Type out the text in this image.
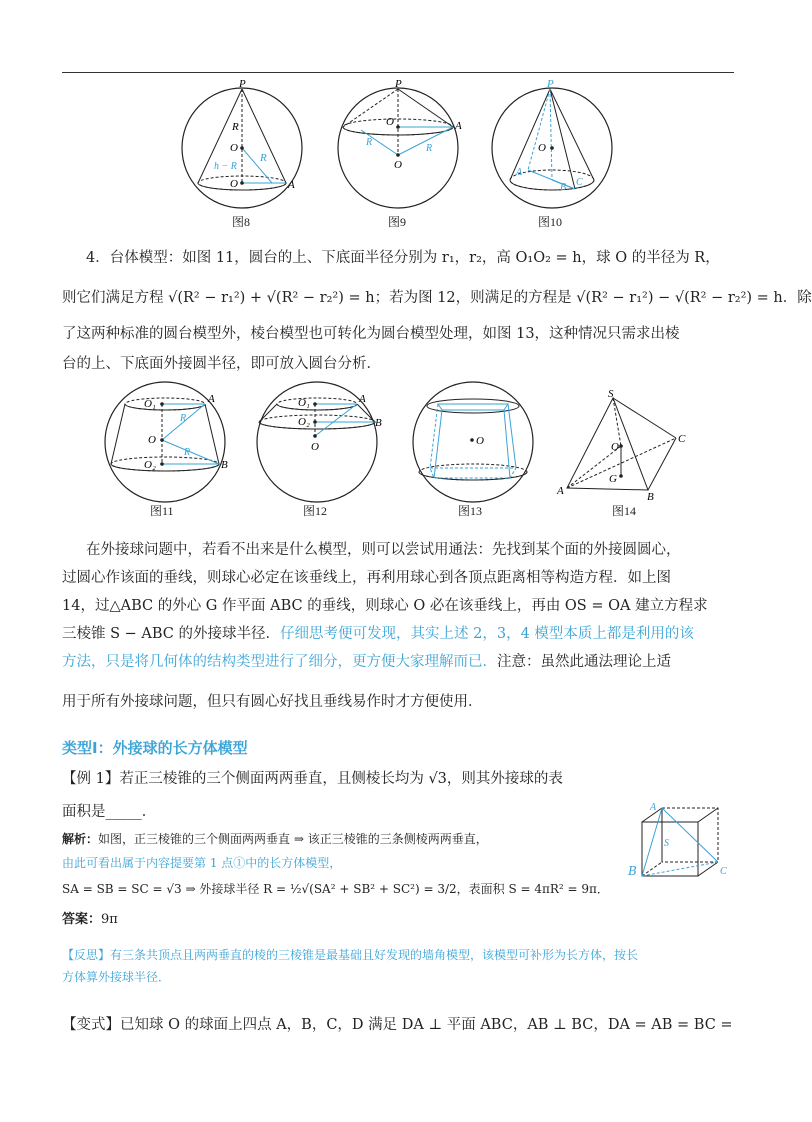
P
R
O
h − R
R
O	A
图8
P
O	A
R
R
O
图9
P
O
A
B C
图10
4．台体模型：如图 11，圆台的上、下底面半径分别为 r₁，r₂，高 O₁O₂ = h，球 O 的半径为 R，
则它们满足方程 √(R² − r₁²) + √(R² − r₂²) = h；若为图 12，则满足的方程是 √(R² − r₁²) − √(R² − r₂²) = h．除
了这两种标准的圆台模型外，棱台模型也可转化为圆台模型处理，如图 13，这种情况只需求出棱
台的上、下底面外接圆半径，即可放入圆台分析．
O₁	A
R
O
R
O₂	B
图11
O₁	A
O₂	B
O
图12
O
图13
S
C
O
G
A	B
图14
在外接球问题中，若看不出来是什么模型，则可以尝试用通法：先找到某个面的外接圆圆心，
过圆心作该面的垂线，则球心必定在该垂线上，再利用球心到各顶点距离相等构造方程．如上图
14，过△ABC 的外心 G 作平面 ABC 的垂线，则球心 O 必在该垂线上，再由 OS = OA 建立方程求
三棱锥 S − ABC 的外接球半径．仔细思考便可发现，其实上述 2，3，4 模型本质上都是利用的该
方法，只是将几何体的结构类型进行了细分，更方便大家理解而已．注意：虽然此通法理论上适
用于所有外接球问题，但只有圆心好找且垂线易作时才方便使用．
类型Ⅰ：外接球的长方体模型
【例 1】若正三棱锥的三个侧面两两垂直，且侧棱长均为 √3，则其外接球的表
面积是_____．
解析：如图，正三棱锥的三个侧面两两垂直 ⇒ 该正三棱锥的三条侧棱两两垂直，
由此可看出属于内容提要第 1 点①中的长方体模型，
SA = SB = SC = √3 ⇒ 外接球半径 R = ½√(SA² + SB² + SC²) = 3/2，表面积 S = 4πR² = 9π．
A
S
C
B
答案：9π
【反思】有三条共顶点且两两垂直的棱的三棱锥是最基础且好发现的墙角模型，该模型可补形为长方体，按长
方体算外接球半径．
【变式】已知球 O 的球面上四点 A，B，C，D 满足 DA ⊥ 平面 ABC，AB ⊥ BC，DA = AB = BC =
